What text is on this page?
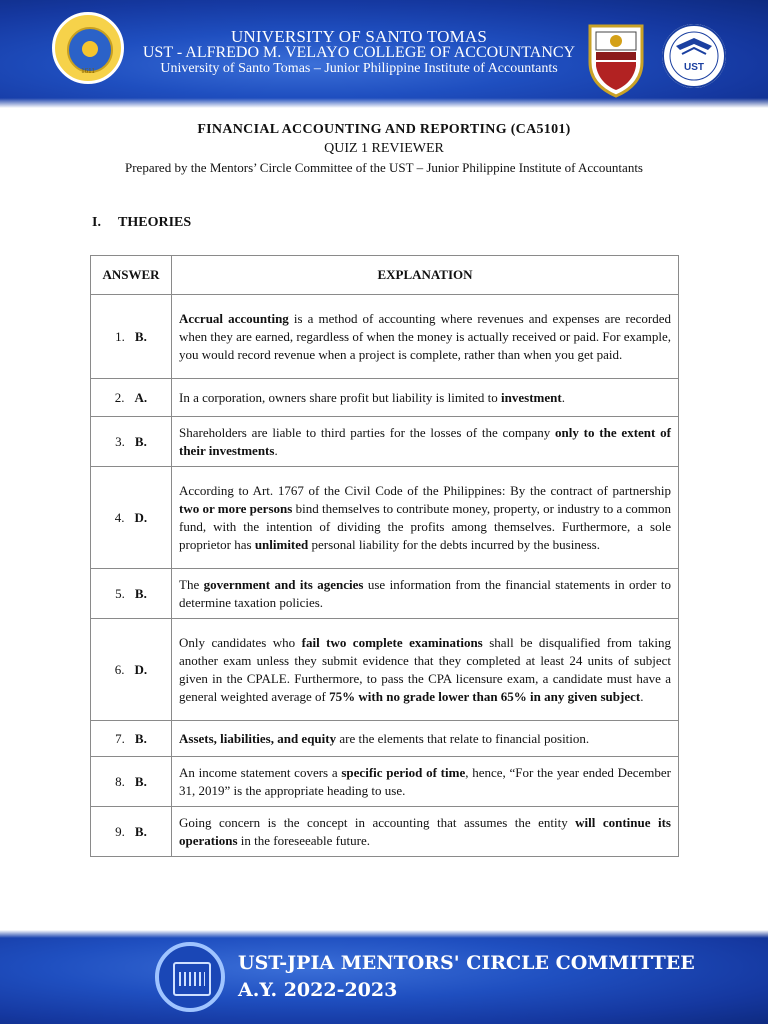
1611
UNIVERSITY OF SANTO TOMAS
UST - ALFREDO M. VELAYO COLLEGE OF ACCOUNTANCY
University of Santo Tomas – Junior Philippine Institute of Accountants	UST
FINANCIAL ACCOUNTING AND REPORTING (CA5101)
QUIZ 1 REVIEWER
Prepared by the Mentors’ Circle Committee of the UST – Junior Philippine Institute of Accountants
I. THEORIES
ANSWER	EXPLANATION
1. B.	Accrual accounting is a method of accounting where revenues and expenses are recorded when they are earned, regardless of when the money is actually received or paid. For example, you would record revenue when a project is complete, rather than when you get paid.
2. A.	In a corporation, owners share profit but liability is limited to investment.
3. B.	Shareholders are liable to third parties for the losses of the company only to the extent of their investments.
4. D.	According to Art. 1767 of the Civil Code of the Philippines: By the contract of partnership two or more persons bind themselves to contribute money, property, or industry to a common fund, with the intention of dividing the profits among themselves. Furthermore, a sole proprietor has unlimited personal liability for the debts incurred by the business.
5. B.	The government and its agencies use information from the financial statements in order to determine taxation policies.
6. D.	Only candidates who fail two complete examinations shall be disqualified from taking another exam unless they submit evidence that they completed at least 24 units of subject given in the CPALE. Furthermore, to pass the CPA licensure exam, a candidate must have a general weighted average of 75% with no grade lower than 65% in any given subject.
7. B.	Assets, liabilities, and equity are the elements that relate to financial position.
8. B.	An income statement covers a specific period of time, hence, “For the year ended December 31, 2019” is the appropriate heading to use.
9. B.	Going concern is the concept in accounting that assumes the entity will continue its operations in the foreseeable future.
UST-JPIA MENTORS' CIRCLE COMMITTEE
A.Y. 2022-2023
